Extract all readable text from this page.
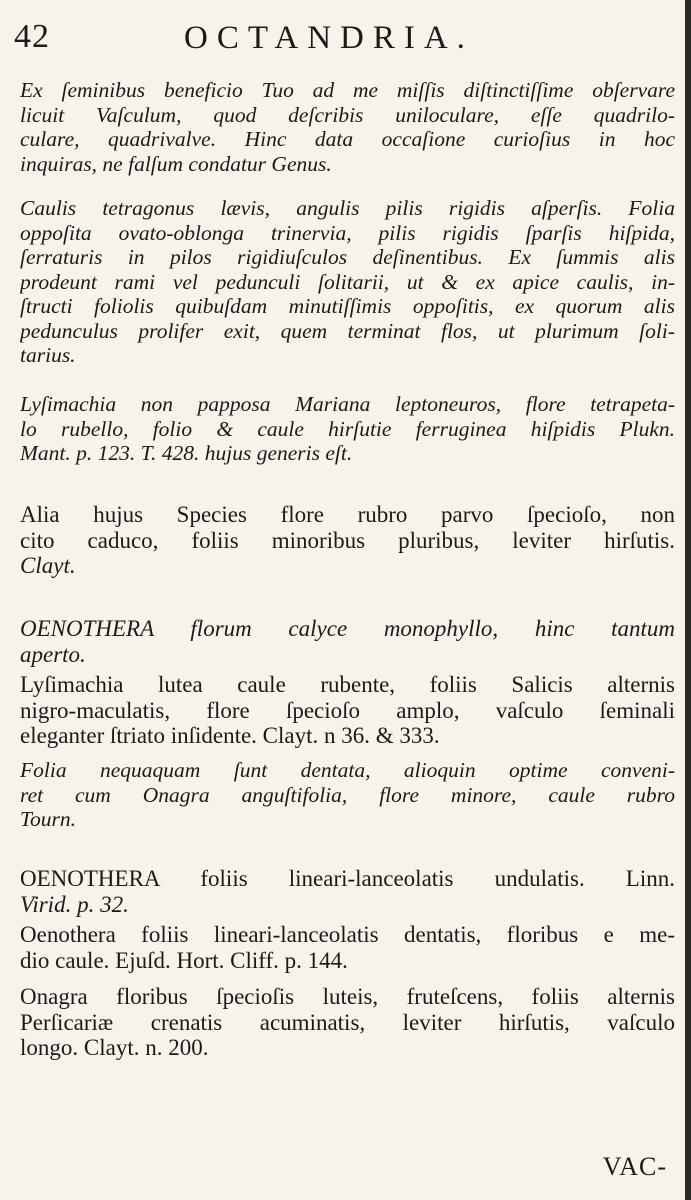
42	OCTANDRIA.
Ex ſeminibus beneficio Tuo ad me miſſis diſtinctiſſime obſervare
licuit Vaſculum, quod deſcribis uniloculare, eſſe quadrilo-
culare, quadrivalve. Hinc data occaſione curioſius in hoc
inquiras, ne falſum condatur Genus.
Caulis tetragonus lævis, angulis pilis rigidis aſperſis. Folia
oppoſita ovato-oblonga trinervia, pilis rigidis ſparſis hiſpida,
ſerraturis in pilos rigidiuſculos deſinentibus. Ex ſummis alis
prodeunt rami vel pedunculi ſolitarii, ut & ex apice caulis, in-
ſtructi foliolis quibuſdam minutiſſimis oppoſitis, ex quorum alis
pedunculus prolifer exit, quem terminat flos, ut plurimum ſoli-
tarius.
Lyſimachia non papposa Mariana leptoneuros, flore tetrapeta-
lo rubello, folio & caule hirſutie ferruginea hiſpidis Plukn.
Mant. p. 123. T. 428. hujus generis eſt.
Alia hujus Species flore rubro parvo ſpecioſo, non
cito caduco, foliis minoribus pluribus, leviter hirſutis.
Clayt.
OENOTHERA florum calyce monophyllo, hinc tantum
aperto.
Lyſimachia lutea caule rubente, foliis Salicis alternis
nigro-maculatis, flore ſpecioſo amplo, vaſculo ſeminali
eleganter ſtriato inſidente. Clayt. n 36. & 333.
Folia nequaquam ſunt dentata, alioquin optime conveni-
ret cum Onagra anguſtifolia, flore minore, caule rubro
Tourn.
OENOTHERA foliis lineari-lanceolatis undulatis. Linn.
Virid. p. 32.
Oenothera foliis lineari-lanceolatis dentatis, floribus e me-
dio caule. Ejuſd. Hort. Cliff. p. 144.
Onagra floribus ſpecioſis luteis, fruteſcens, foliis alternis
Perſicariæ crenatis acuminatis, leviter hirſutis, vaſculo
longo. Clayt. n. 200.
VAC-
